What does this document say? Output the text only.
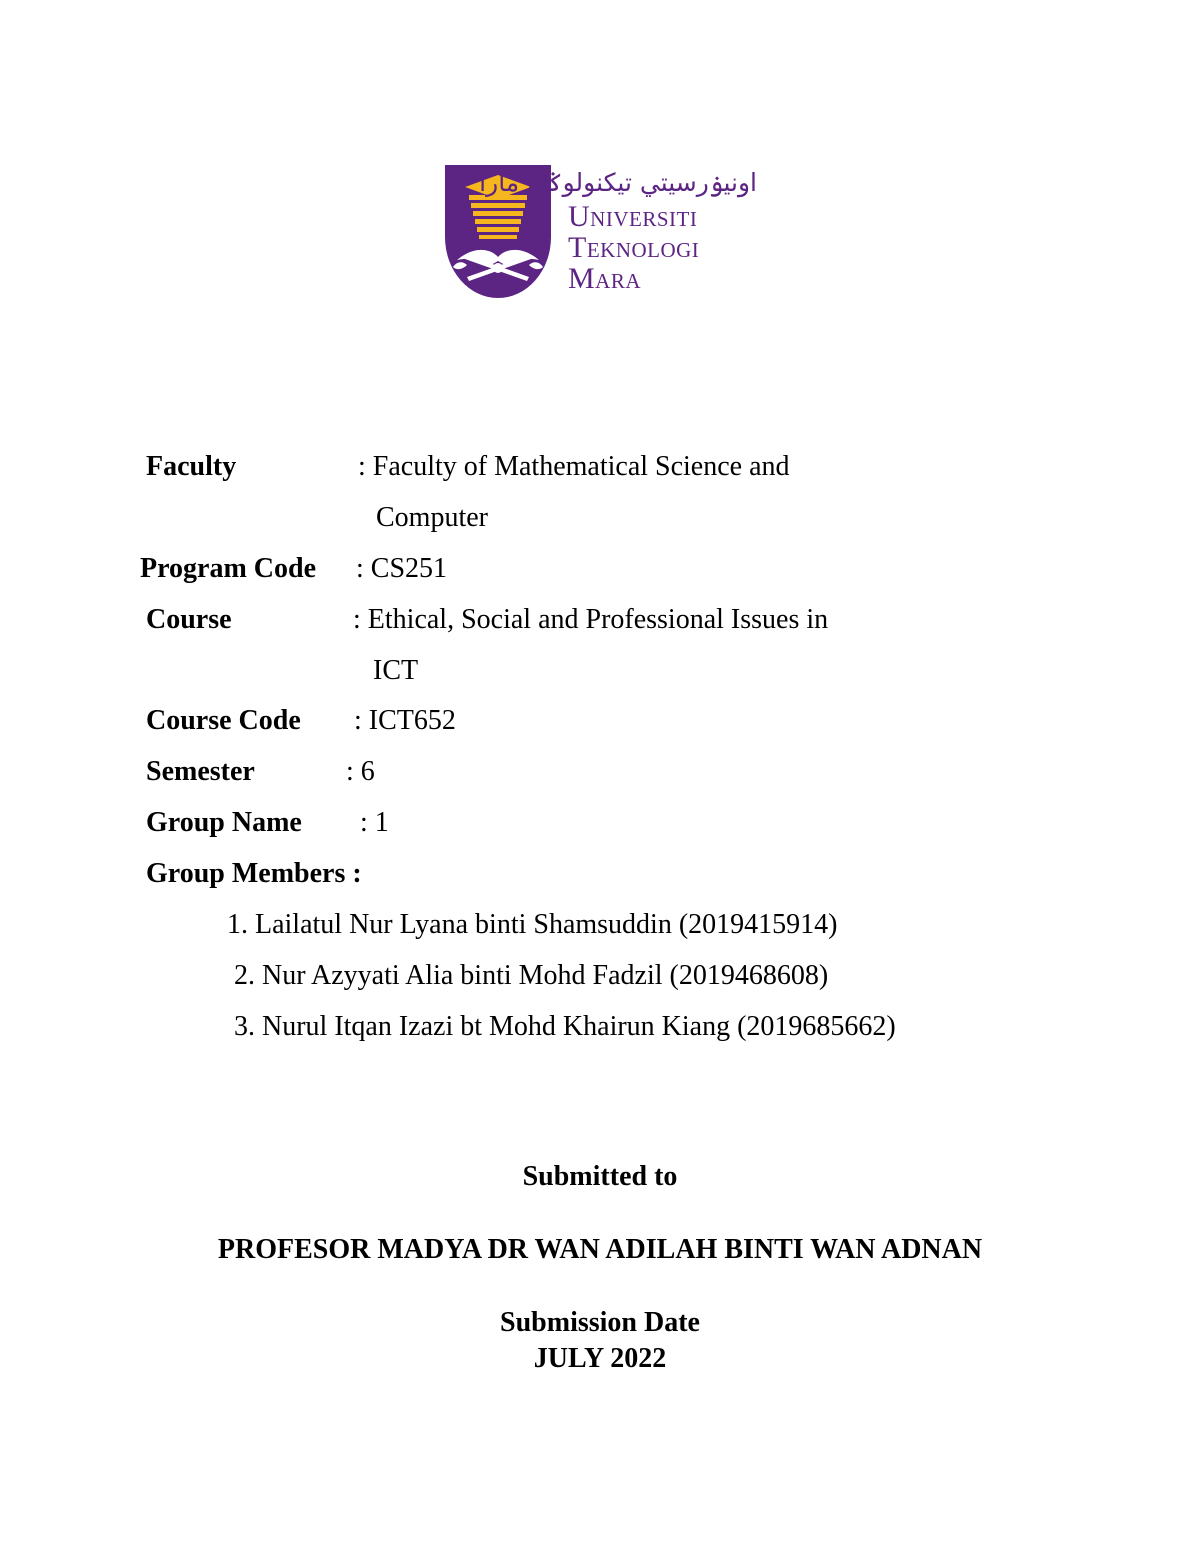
اونيۏرسيتي تيكنولوݢي مارا
Universiti
Teknologi
Mara
Faculty	: Faculty of Mathematical Science and
Computer
Program Code : CS251
Course	: Ethical, Social and Professional Issues in
ICT
Course Code : ICT652
Semester	: 6
Group Name : 1
Group Members :
1. Lailatul Nur Lyana binti Shamsuddin (2019415914)
2. Nur Azyyati Alia binti Mohd Fadzil (2019468608)
3. Nurul Itqan Izazi bt Mohd Khairun Kiang (2019685662)
Submitted to
PROFESOR MADYA DR WAN ADILAH BINTI WAN ADNAN
Submission Date
JULY 2022
